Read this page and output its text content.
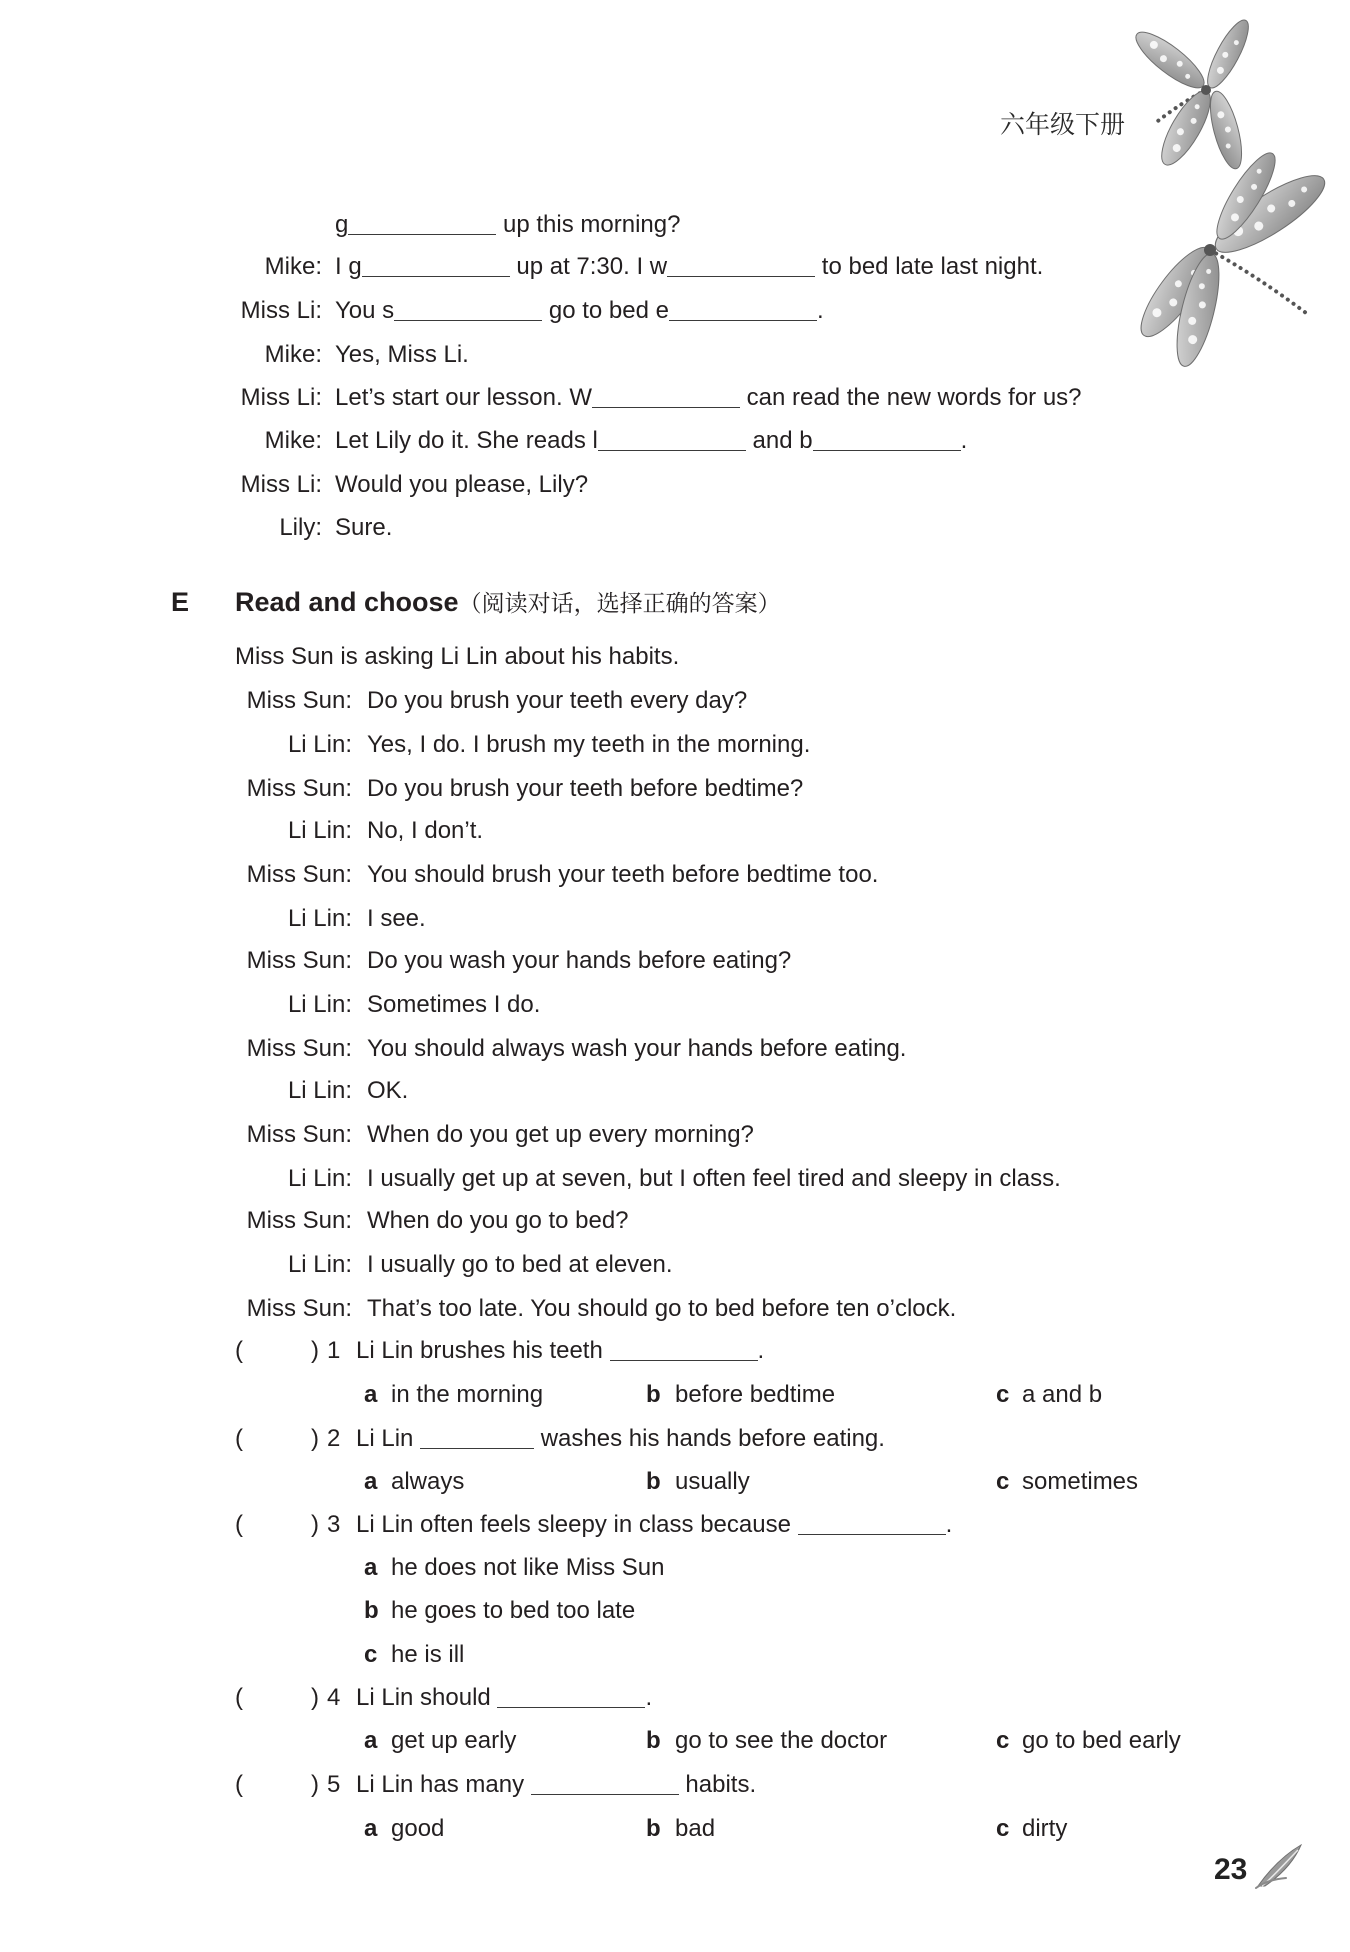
六年级下册
g	up this morning?
Mike: I g	up at 7:30. I w	to bed late last night.
Miss Li: You s	go to bed e	.
Mike: Yes, Miss Li.
Miss Li: Let’s start our lesson. W	can read the new words for us?
Mike: Let Lily do it. She reads l	and b	.
Miss Li: Would you please, Lily?
Lily: Sure.
E Read and choose （阅读对话，选择正确的答案）
Miss Sun is asking Li Lin about his habits.
Miss Sun: Do you brush your teeth every day?
Li Lin: Yes, I do. I brush my teeth in the morning.
Miss Sun: Do you brush your teeth before bedtime?
Li Lin: No, I don’t.
Miss Sun: You should brush your teeth before bedtime too.
Li Lin: I see.
Miss Sun: Do you wash your hands before eating?
Li Lin: Sometimes I do.
Miss Sun: You should always wash your hands before eating.
Li Lin: OK.
Miss Sun: When do you get up every morning?
Li Lin: I usually get up at seven, but I often feel tired and sleepy in class.
Miss Sun: When do you go to bed?
Li Lin: I usually go to bed at eleven.
Miss Sun: That’s too late. You should go to bed before ten o’clock.
(	) 1 Li Lin brushes his teeth	.
a in the morning	b before bedtime	c a and b
(	) 2 Li Lin	washes his hands before eating.
a always	b usually	c sometimes
(	) 3 Li Lin often feels sleepy in class because	.
a he does not like Miss Sun
b he goes to bed too late
c he is ill
(	) 4 Li Lin should	.
a get up early	b go to see the doctor	c go to bed early
(	) 5 Li Lin has many	habits.
a good	b bad	c dirty
23
